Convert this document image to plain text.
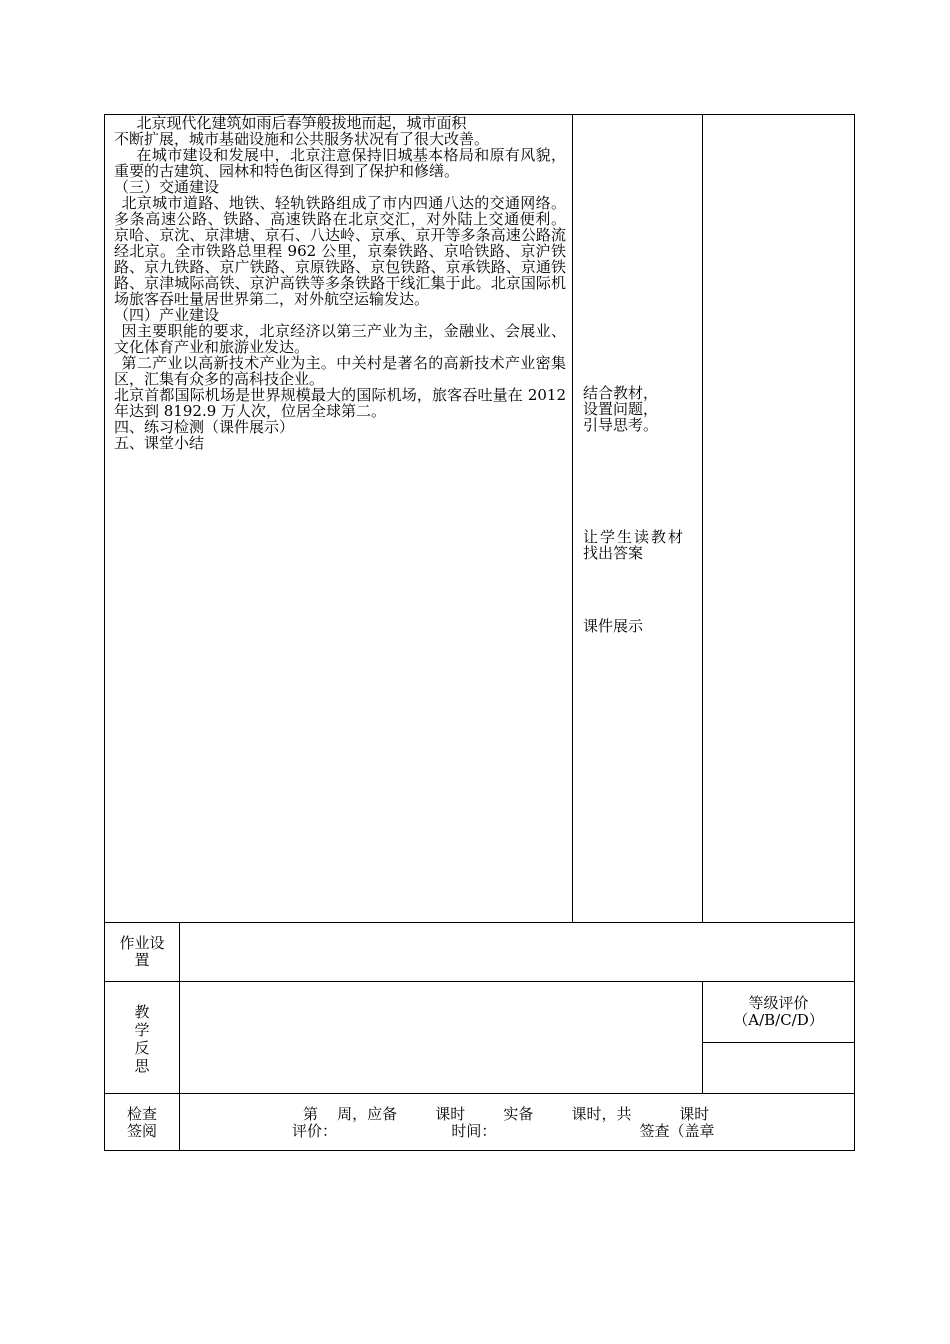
北京现代化建筑如雨后春笋般拔地而起，城市面积

不断扩展，城市基础设施和公共服务状况有了很大改善。

在城市建设和发展中，北京注意保持旧城基本格局和原有风貌，重要的古建筑、园林和特色街区得到了保护和修缮。

（三）交通建设

北京城市道路、地铁、轻轨铁路组成了市内四通八达的交通网络。多条高速公路、铁路、高速铁路在北京交汇，对外陆上交通便利。 京哈、京沈、京津塘、京石、八达岭、京承、京开等多条高速公路流经北京。全市铁路总里程 962 公里，京秦铁路、京哈铁路、京沪铁路、京九铁路、京广铁路、京原铁路、京包铁路、京承铁路、京通铁路、京津城际高铁、京沪高铁等多条铁路干线汇集于此。北京国际机场旅客吞吐量居世界第二，对外航空运输发达。

（四）产业建设

因主要职能的要求，北京经济以第三产业为主，金融业、会展业、文化体育产业和旅游业发达。

第二产业以高新技术产业为主。中关村是著名的高新技术产业密集区，汇集有众多的高科技企业。

北京首都国际机场是世界规模最大的国际机场，旅客吞吐量在 2012 年达到 8192.9 万人次，位居全球第二。

四、练习检测（课件展示）

五、课堂小结

结合教材，

设置问题，

引导思考。

让学生读教材

找出答案

课件展示

作业设
置
教
学
反
思
等级评价
（A/B/C/D）
检查
签阅
第    周，应备        课时        实备        课时，共          课时
评价：                        时间：                              签查（盖章
